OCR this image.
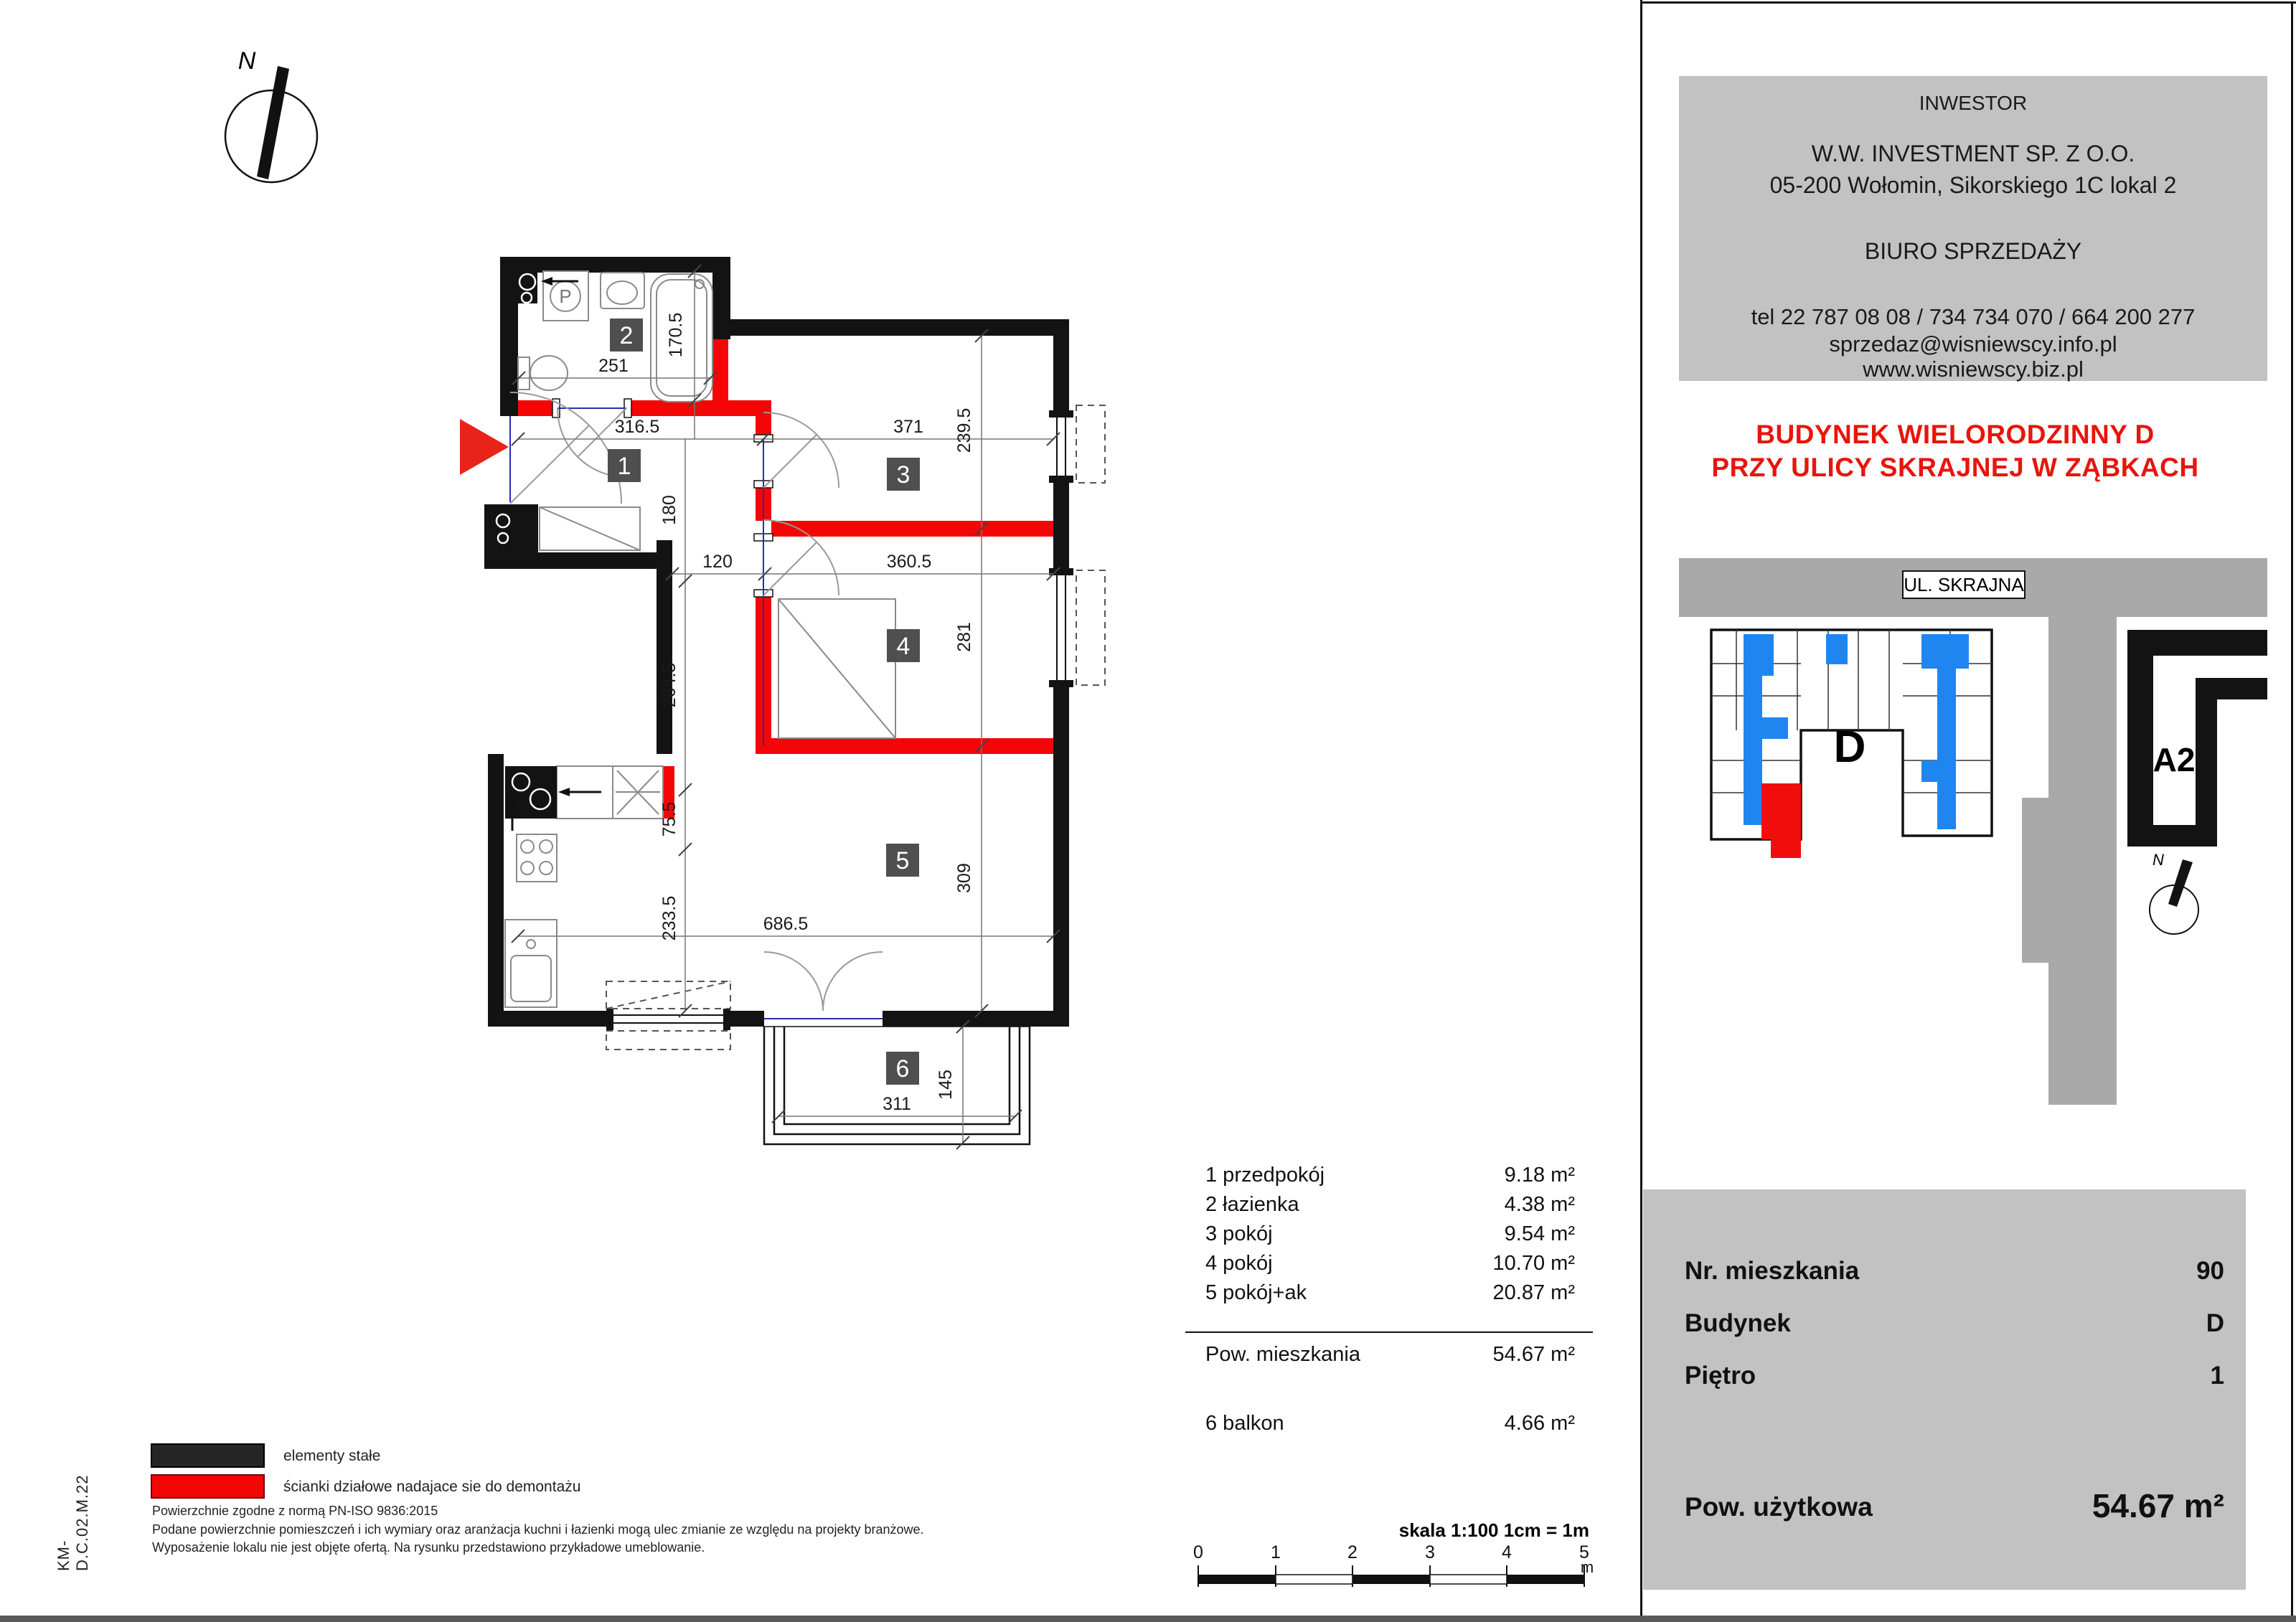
N
P
251
170.5
316.5	371 239.5
180
120	360.5
264.5
281
75.5
233.5
309
686.5
311
145
1
2
3
4
5
6
UL. SKRAJNA
D	A2
N
skala 1:100 1cm = 1m
0	1	2	3	4	5
m
INWESTOR
W.W. INVESTMENT SP. Z O.O.
05-200 Wołomin, Sikorskiego 1C lokal 2
BIURO SPRZEDAŻY
tel 22 787 08 08 / 734 734 070 / 664 200 277
sprzedaz@wisniewscy.info.pl
www.wisniewscy.biz.pl
BUDYNEK WIELORODZINNY D
PRZY ULICY SKRAJNEJ W ZĄBKACH
1 przedpokój	9.18 m²
2 łazienka	4.38 m²
3 pokój	9.54 m²
4 pokój	10.70 m²
5 pokój+ak	20.87 m²
Pow. mieszkania	54.67 m²
6 balkon	4.66 m²
Nr. mieszkania	90
Budynek	D
Piętro	1
Pow. użytkowa	54.67 m²
elementy stałe
ścianki działowe nadajace sie do demontażu
Powierzchnie zgodne z normą PN-ISO 9836:2015
Podane powierzchnie pomieszczeń i ich wymiary oraz aranżacja kuchni i łazienki mogą ulec zmianie ze względu na projekty branżowe.
Wyposażenie lokalu nie jest objęte ofertą. Na rysunku przedstawiono przykładowe umeblowanie.
KM-D.C.02.M.22
